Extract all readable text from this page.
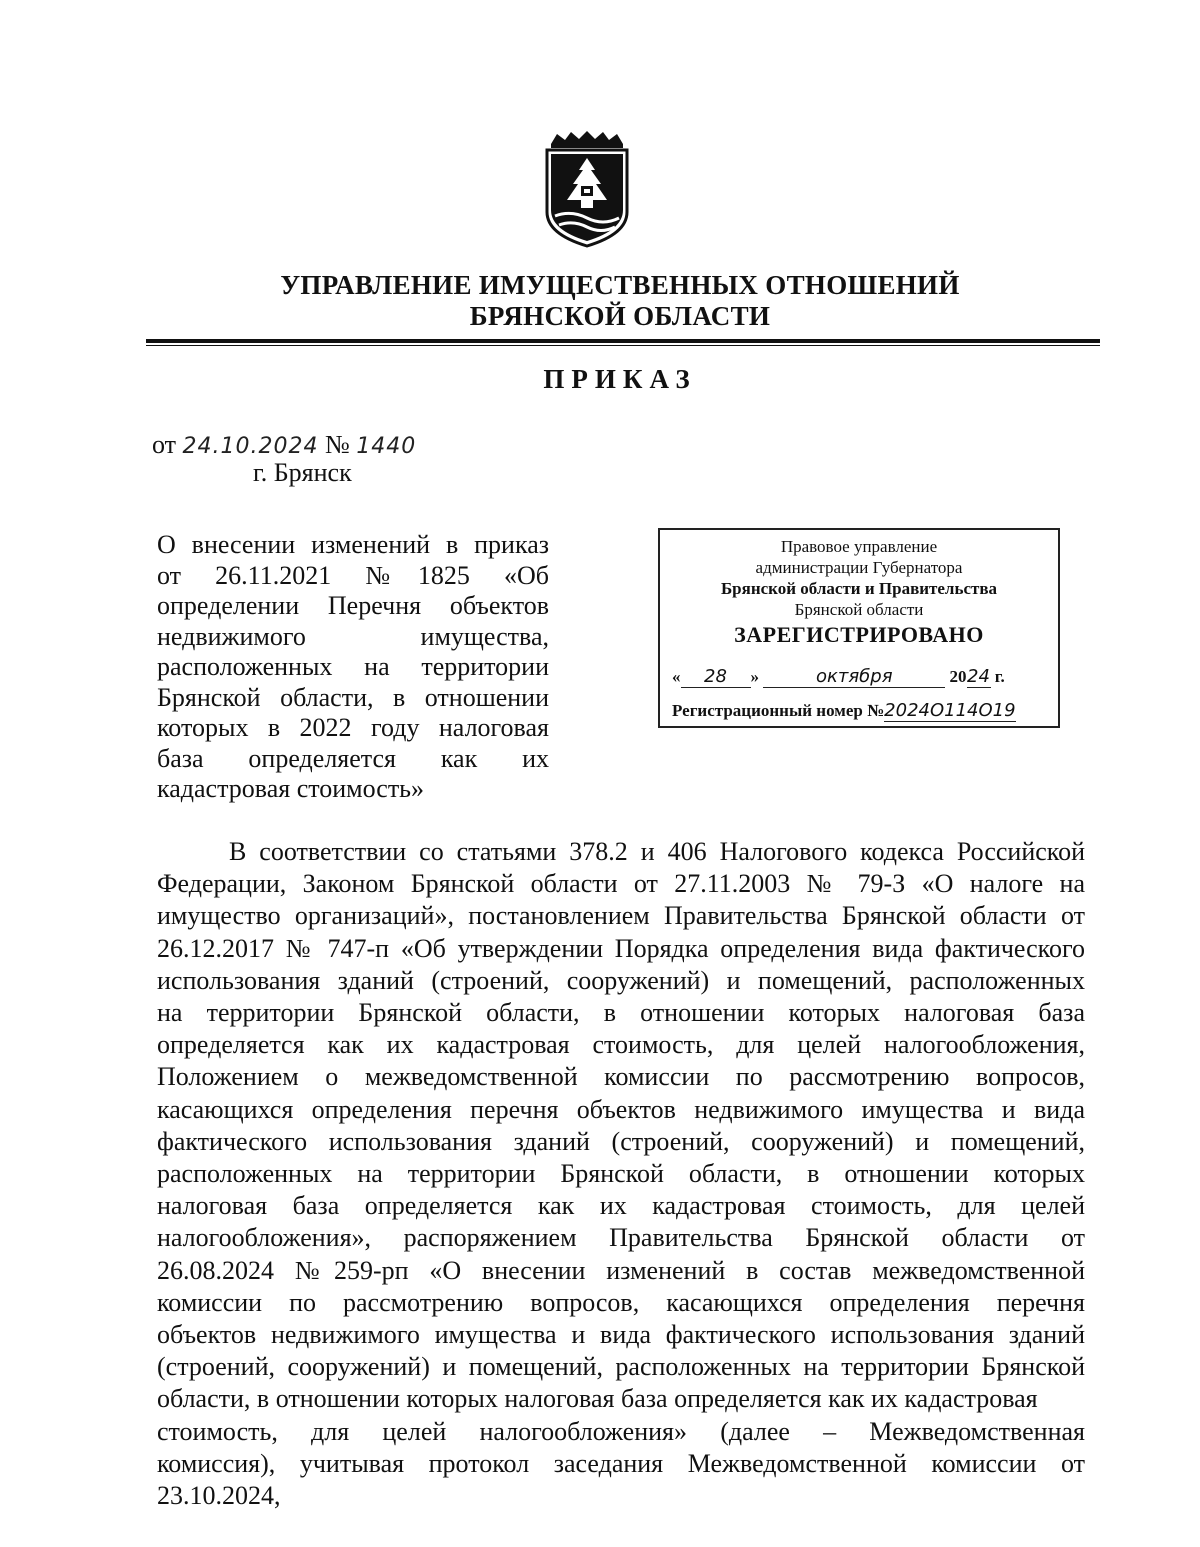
УПРАВЛЕНИЕ ИМУЩЕСТВЕННЫХ ОТНОШЕНИЙ
БРЯНСКОЙ ОБЛАСТИ
ПРИКАЗ
от 24.10.2024 № 1440
г. Брянск
О внесении изменений в приказ
от 26.11.2021 №1825 «Об
определении Перечня объектов
недвижимого имущества,
расположенных на территории
Брянской области, в отношении
которых в 2022 году налоговая
база определяется как их
кадастровая стоимость»
Правовое управление
администрации Губернатора
Брянской области и Правительства
Брянской области
ЗАРЕГИСТРИРОВАНО
« 28 »	октября	2024 г.
Регистрационный номер №2024O114O19
В соответствии со статьями 378.2 и 406 Налогового кодекса Российской
Федерации, Законом Брянской области от 27.11.2003 № 79-З «О налоге на
имущество организаций», постановлением Правительства Брянской области от
26.12.2017 № 747-п «Об утверждении Порядка определения вида фактического
использования зданий (строений, сооружений) и помещений, расположенных
на территории Брянской области, в отношении которых налоговая база
определяется как их кадастровая стоимость, для целей налогообложения,
Положением о межведомственной комиссии по рассмотрению вопросов,
касающихся определения перечня объектов недвижимого имущества и вида
фактического использования зданий (строений, сооружений) и помещений,
расположенных на территории Брянской области, в отношении которых
налоговая база определяется как их кадастровая стоимость, для целей
налогообложения», распоряжением Правительства Брянской области от
26.08.2024 №259-рп «О внесении изменений в состав межведомственной
комиссии по рассмотрению вопросов, касающихся определения перечня
объектов недвижимого имущества и вида фактического использования зданий
(строений, сооружений) и помещений, расположенных на территории Брянской
области, в отношении которых налоговая база определяется как их кадастровая
стоимость, для целей налогообложения» (далее – Межведомственная
комиссия), учитывая протокол заседания Межведомственной комиссии от
23.10.2024,
